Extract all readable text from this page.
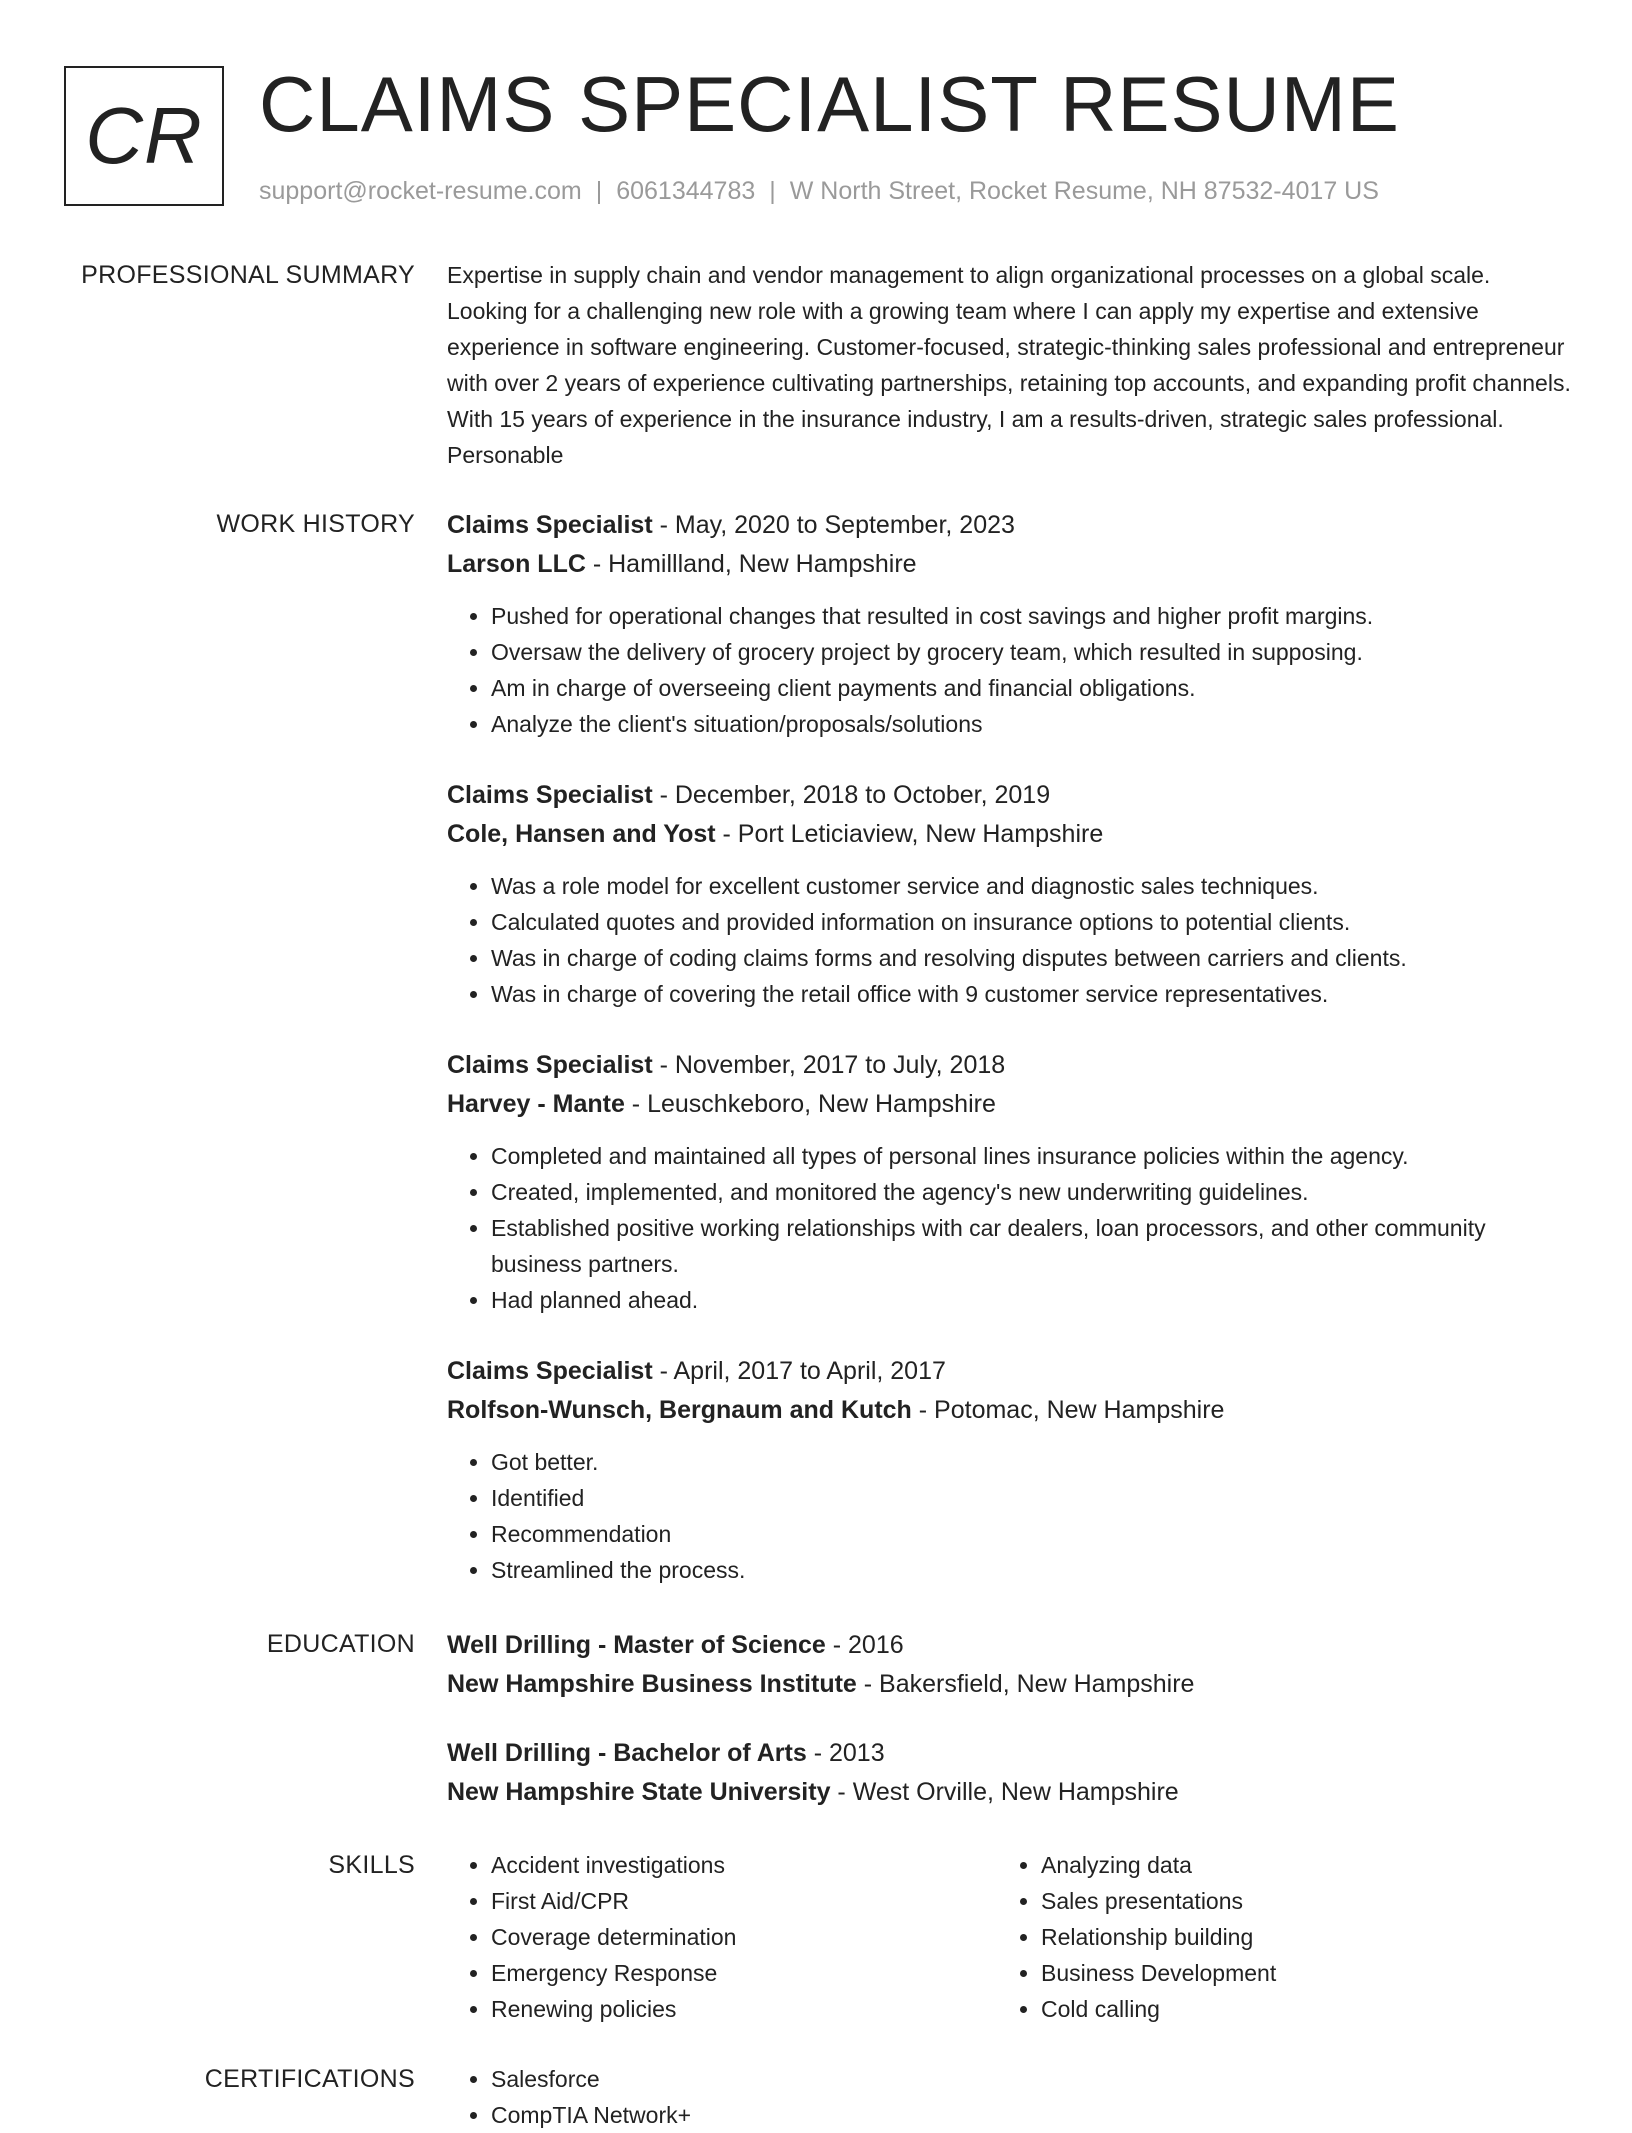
CR CLAIMS SPECIALIST RESUME
support@rocket-resume.com | 6061344783 | W North Street, Rocket Resume, NH 87532-4017 US
PROFESSIONAL SUMMARY Expertise in supply chain and vendor management to align organizational processes on a global scale. Looking for a challenging new role with a growing team where I can apply my expertise and extensive experience in software engineering. Customer-focused, strategic-thinking sales professional and entrepreneur with over 2 years of experience cultivating partnerships, retaining top accounts, and expanding profit channels. With 15 years of experience in the insurance industry, I am a results-driven, strategic sales professional. Personable

WORK HISTORY Claims Specialist - May, 2020 to September, 2023
Larson LLC - Hamillland, New Hampshire
• Pushed for operational changes that resulted in cost savings and higher profit margins.
• Oversaw the delivery of grocery project by grocery team, which resulted in supposing.
• Am in charge of overseeing client payments and financial obligations.
• Analyze the client's situation/proposals/solutions
Claims Specialist - December, 2018 to October, 2019
Cole, Hansen and Yost - Port Leticiaview, New Hampshire
• Was a role model for excellent customer service and diagnostic sales techniques.
• Calculated quotes and provided information on insurance options to potential clients.
• Was in charge of coding claims forms and resolving disputes between carriers and clients.
• Was in charge of covering the retail office with 9 customer service representatives.
Claims Specialist - November, 2017 to July, 2018
Harvey - Mante - Leuschkeboro, New Hampshire
• Completed and maintained all types of personal lines insurance policies within the agency.
• Created, implemented, and monitored the agency's new underwriting guidelines.
• Established positive working relationships with car dealers, loan processors, and other community business partners.
• Had planned ahead.
Claims Specialist - April, 2017 to April, 2017
Rolfson-Wunsch, Bergnaum and Kutch - Potomac, New Hampshire
• Got better.
• Identified
• Recommendation
• Streamlined the process.
EDUCATION Well Drilling - Master of Science - 2016
New Hampshire Business Institute - Bakersfield, New Hampshire
Well Drilling - Bachelor of Arts - 2013
New Hampshire State University - West Orville, New Hampshire
SKILLS	• Accident investigations
• First Aid/CPR
• Coverage determination
• Emergency Response
• Renewing policies
• Analyzing data
• Sales presentations
• Relationship building
• Business Development
• Cold calling
CERTIFICATIONS	• Salesforce
• CompTIA Network+
